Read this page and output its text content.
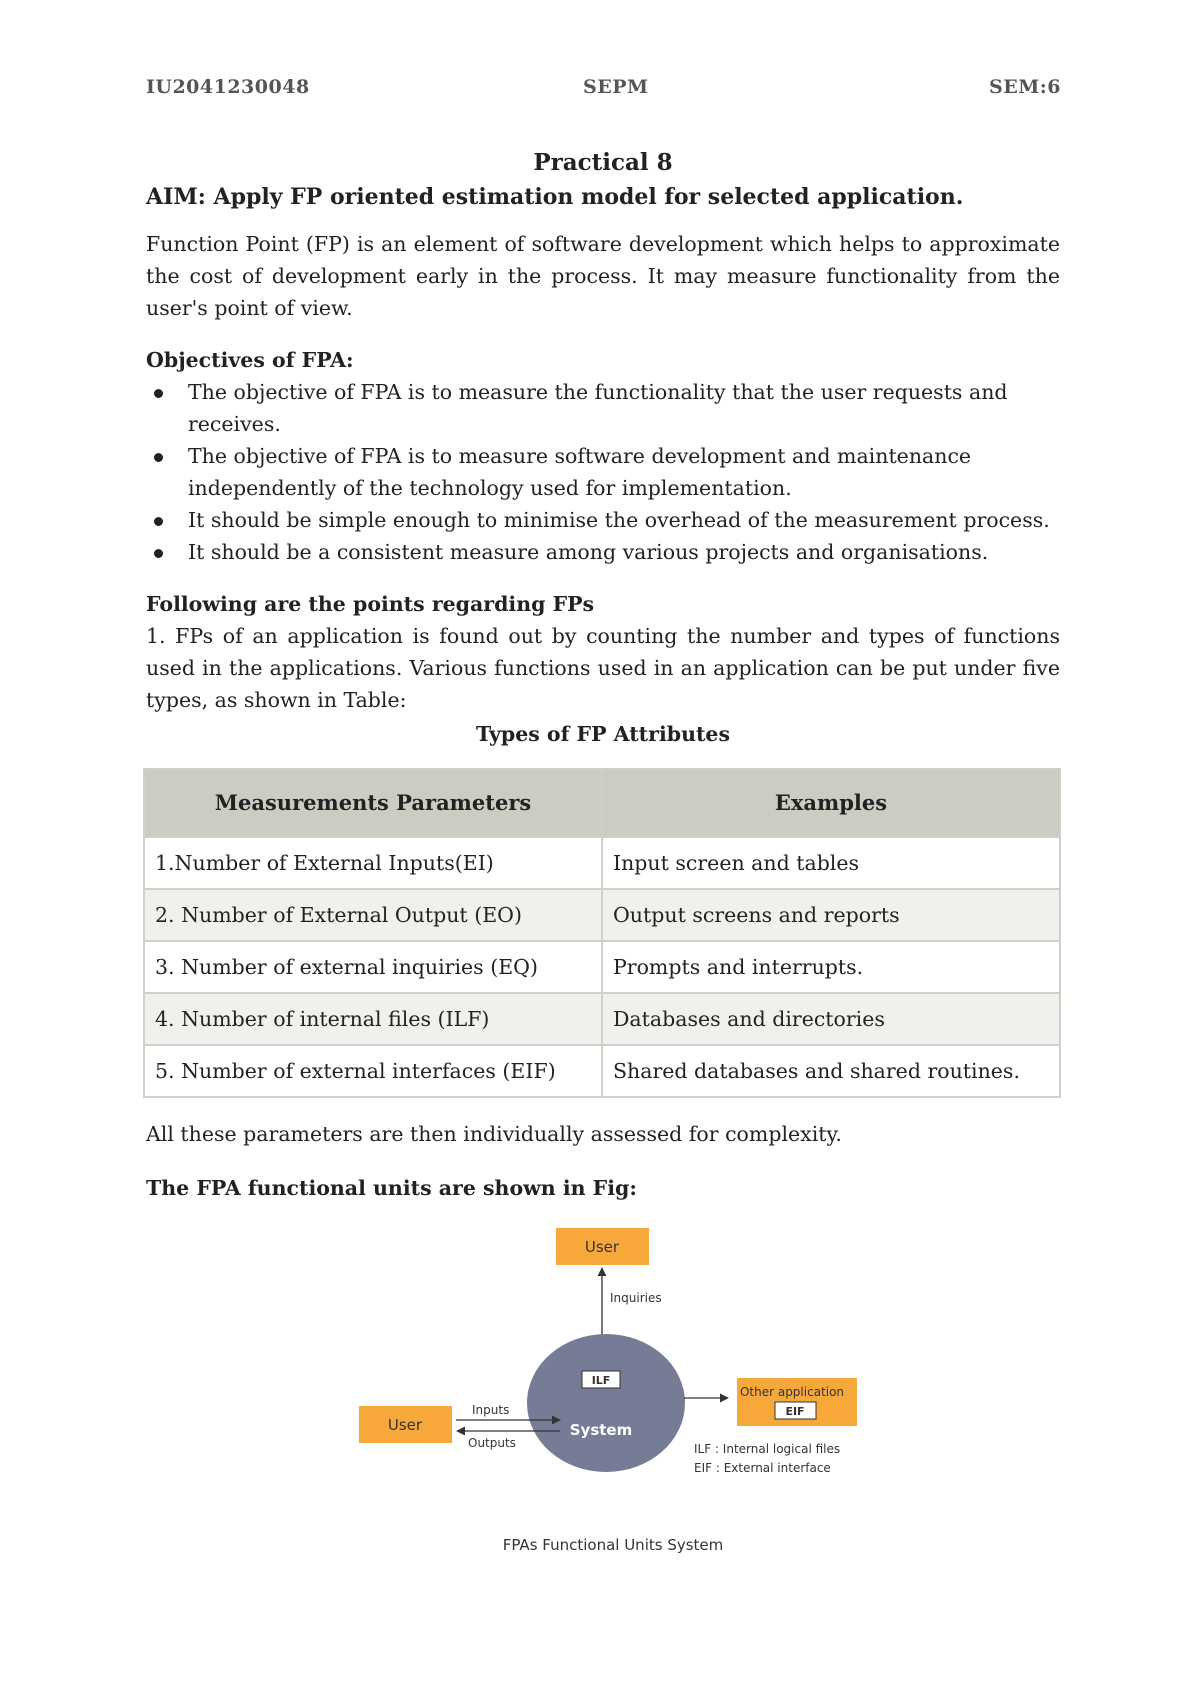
IU2041230048	SEPM	SEM:6

Practical 8

AIM: Apply FP oriented estimation model for selected application.

Function Point (FP) is an element of software development which helps to approximate the cost of development early in the process. It may measure functionality from the user's point of view.

Objectives of FPA:

The objective of FPA is to measure the functionality that the user requests and receives.
The objective of FPA is to measure software development and maintenance independently of the technology used for implementation.
It should be simple enough to minimise the overhead of the measurement process.
It should be a consistent measure among various projects and organisations.

Following are the points regarding FPs

1. FPs of an application is found out by counting the number and types of functions used in the applications. Various functions used in an application can be put under five types, as shown in Table:

Types of FP Attributes

Measurements Parameters	Examples
1.Number of External Inputs(EI)	Input screen and tables
2. Number of External Output (EO)	Output screens and reports
3. Number of external inquiries (EQ)	Prompts and interrupts.
4. Number of internal files (ILF)	Databases and directories
5. Number of external interfaces (EIF)	Shared databases and shared routines.

All these parameters are then individually assessed for complexity.

The FPA functional units are shown in Fig:

User
Inquiries
ILF
System
User
Inputs
Outputs
Other application
EIF
ILF : Internal logical files
EIF : External interface
FPAs Functional Units System
